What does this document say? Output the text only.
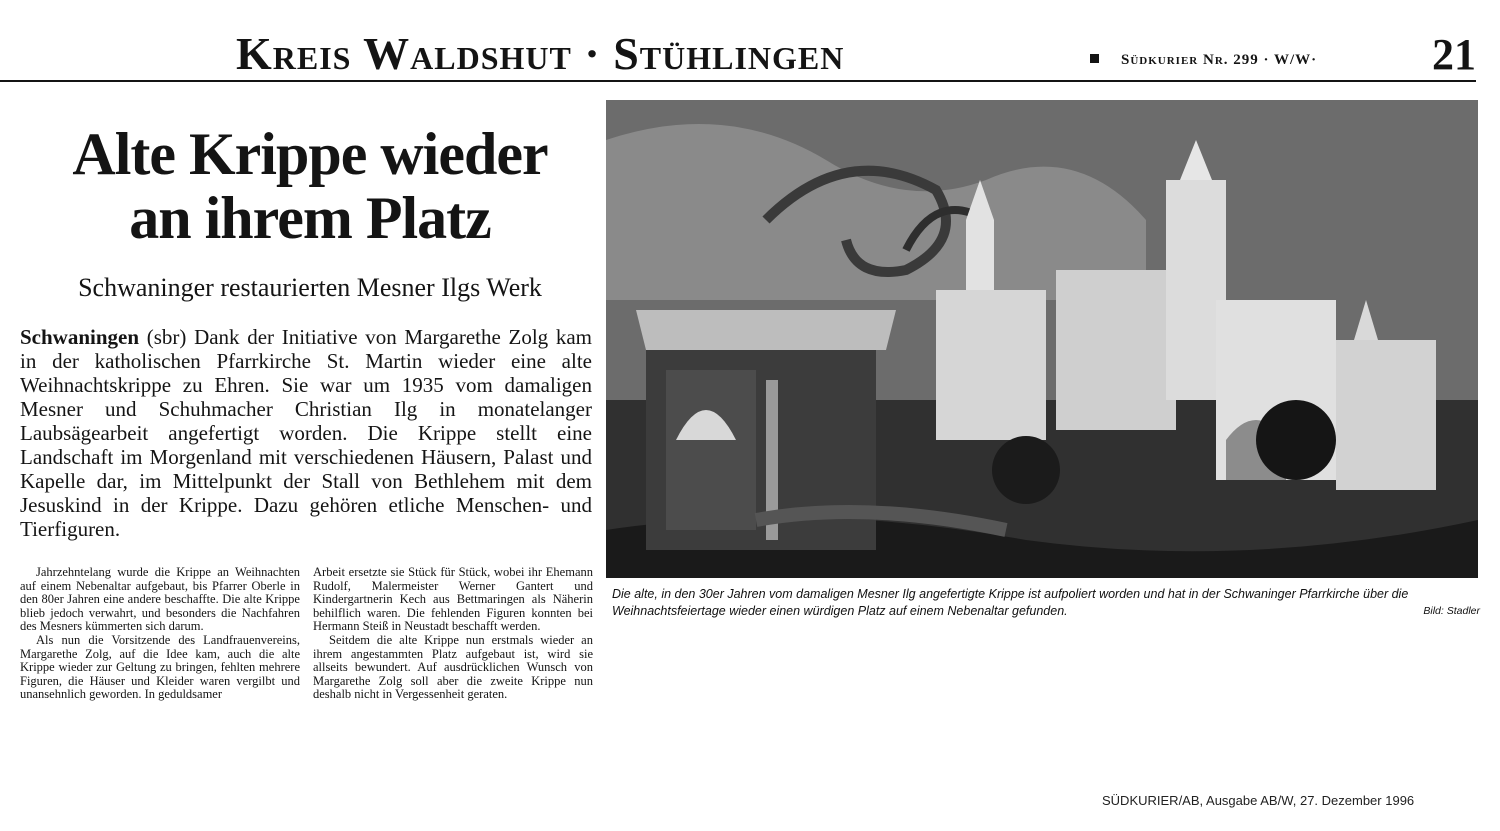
Kreis Waldshut · Stühlingen	Südkurier Nr. 299 · W/W·	21
Alte Krippe wieder
an ihrem Platz
Schwaninger restaurierten Mesner Ilgs Werk
Schwaningen (sbr) Dank der Initiative von Margarethe Zolg kam in der katholischen Pfarrkirche St. Martin wieder eine alte Weihnachtskrippe zu Ehren. Sie war um 1935 vom damaligen Mesner und Schuhmacher Christian Ilg in monatelanger Laubsägearbeit angefertigt worden. Die Krippe stellt eine Landschaft im Morgenland mit verschiedenen Häusern, Palast und Kapelle dar, im Mittelpunkt der Stall von Bethlehem mit dem Jesuskind in der Krippe. Dazu gehören etliche Menschen- und Tierfiguren.

Jahrzehntelang wurde die Krippe an Weihnachten auf einem Nebenaltar aufgebaut, bis Pfarrer Oberle in den 80er Jahren eine andere beschaffte. Die alte Krippe blieb jedoch verwahrt, und besonders die Nachfahren des Mesners kümmerten sich darum.

Als nun die Vorsitzende des Landfrauenvereins, Margarethe Zolg, auf die Idee kam, auch die alte Krippe wieder zur Geltung zu bringen, fehlten mehrere Figuren, die Häuser und Kleider waren vergilbt und unansehnlich geworden. In geduldsamer

Arbeit ersetzte sie Stück für Stück, wobei ihr Ehemann Rudolf, Malermeister Werner Gantert und Kindergartnerin Kech aus Bettmaringen als Näherin behilflich waren. Die fehlenden Figuren konnten bei Hermann Steiß in Neustadt beschafft werden.

Seitdem die alte Krippe nun erstmals wieder an ihrem angestammten Platz aufgebaut ist, wird sie allseits bewundert. Auf ausdrücklichen Wunsch von Margarethe Zolg soll aber die zweite Krippe nun deshalb nicht in Vergessenheit geraten.

Die alte, in den 30er Jahren vom damaligen Mesner Ilg angefertigte Krippe ist aufpoliert worden und hat in der Schwaninger Pfarrkirche über die Weihnachtsfeiertage wieder einen würdigen Platz auf einem Nebenaltar gefunden.	Bild: Stadler
SÜDKURIER/AB, Ausgabe AB/W, 27. Dezember 1996
